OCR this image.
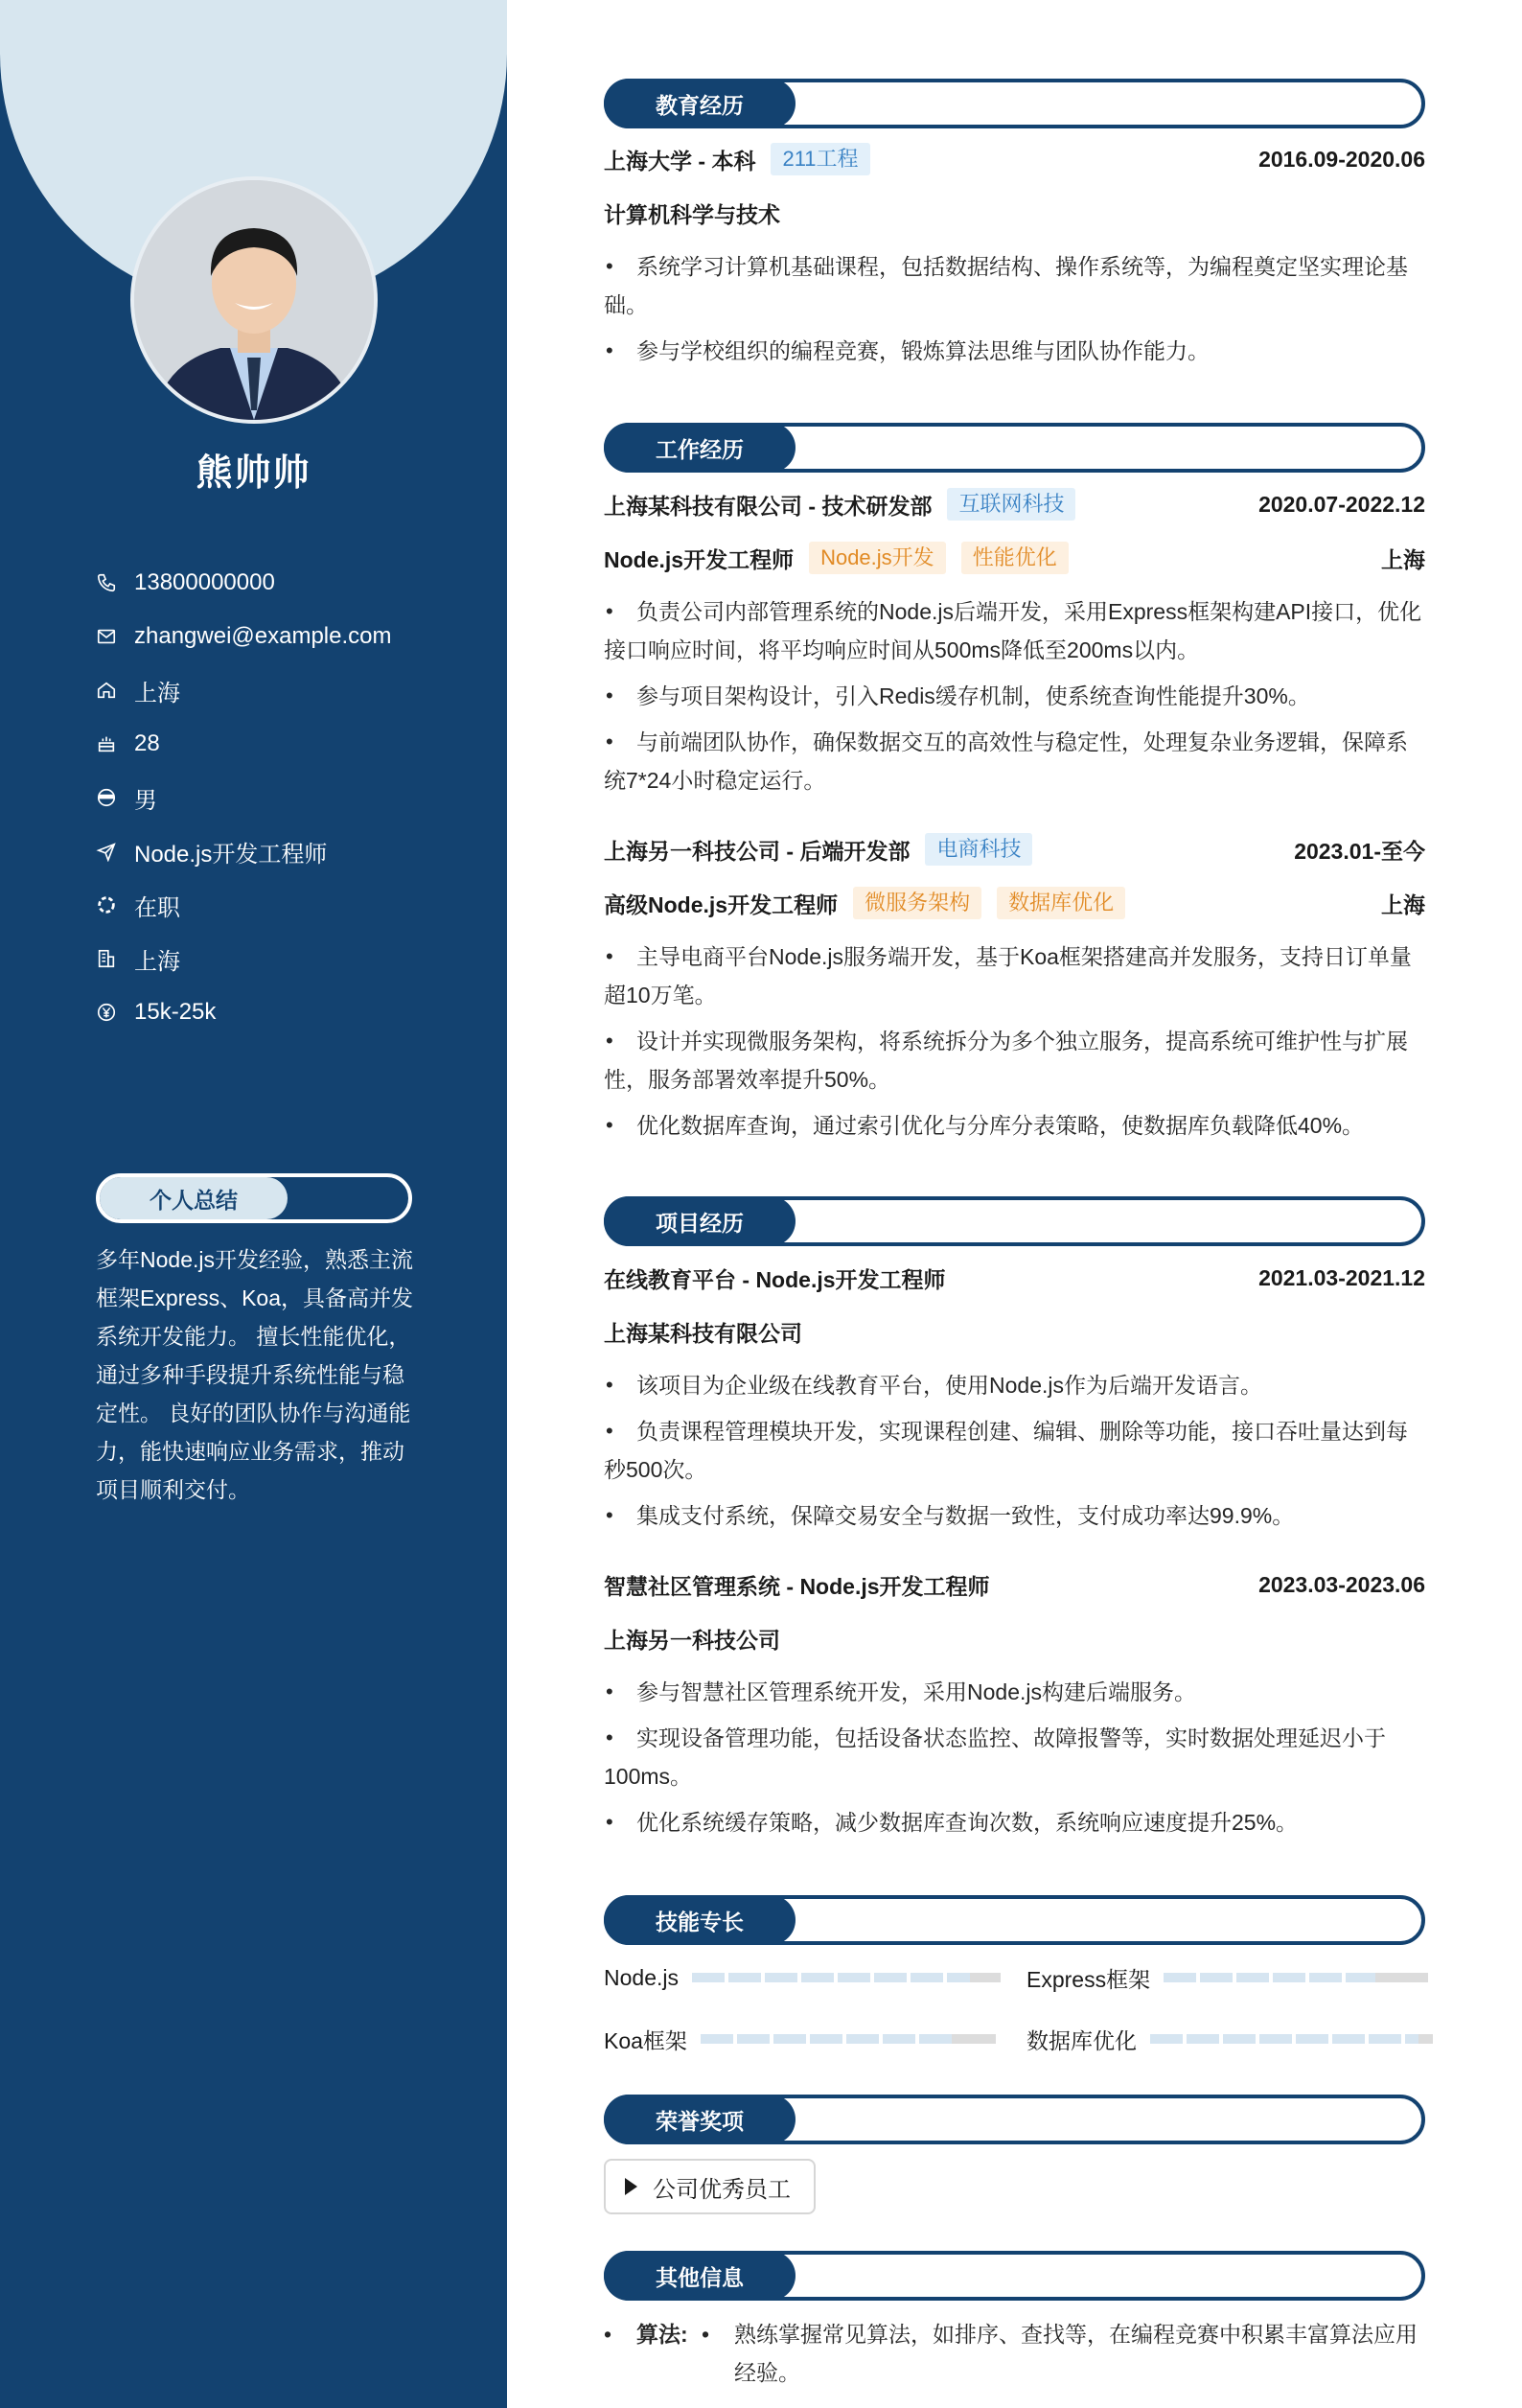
熊帅帅
13800000000
zhangwei@example.com
上海
28
男
Node.js开发工程师
在职
上海
15k-25k
个人总结
多年Node.js开发经验，熟悉主流框架Express、Koa，具备高并发系统开发能力。 擅长性能优化，通过多种手段提升系统性能与稳定性。 良好的团队协作与沟通能力，能快速响应业务需求，推动项目顺利交付。
教育经历
上海大学 - 本科	211工程	2016.09-2020.06
计算机科学与技术
• 系统学习计算机基础课程，包括数据结构、操作系统等，为编程奠定坚实理论基础。
• 参与学校组织的编程竞赛，锻炼算法思维与团队协作能力。
工作经历
上海某科技有限公司 - 技术研发部	互联网科技	2020.07-2022.12
Node.js开发工程师	Node.js开发	性能优化	上海
• 负责公司内部管理系统的Node.js后端开发，采用Express框架构建API接口，优化接口响应时间，将平均响应时间从500ms降低至200ms以内。
• 参与项目架构设计，引入Redis缓存机制，使系统查询性能提升30%。
• 与前端团队协作，确保数据交互的高效性与稳定性，处理复杂业务逻辑，保障系统7*24小时稳定运行。
上海另一科技公司 - 后端开发部	电商科技	2023.01-至今
高级Node.js开发工程师	微服务架构	数据库优化	上海
• 主导电商平台Node.js服务端开发，基于Koa框架搭建高并发服务，支持日订单量超10万笔。
• 设计并实现微服务架构，将系统拆分为多个独立服务，提高系统可维护性与扩展性，服务部署效率提升50%。
• 优化数据库查询，通过索引优化与分库分表策略，使数据库负载降低40%。
项目经历
在线教育平台 - Node.js开发工程师	2021.03-2021.12
上海某科技有限公司
• 该项目为企业级在线教育平台，使用Node.js作为后端开发语言。
• 负责课程管理模块开发，实现课程创建、编辑、删除等功能，接口吞吐量达到每秒500次。
• 集成支付系统，保障交易安全与数据一致性，支付成功率达99.9%。
智慧社区管理系统 - Node.js开发工程师	2023.03-2023.06
上海另一科技公司
• 参与智慧社区管理系统开发，采用Node.js构建后端服务。
• 实现设备管理功能，包括设备状态监控、故障报警等，实时数据处理延迟小于100ms。
• 优化系统缓存策略，减少数据库查询次数，系统响应速度提升25%。
技能专长
Node.js	Express框架
Koa框架	数据库优化
荣誉奖项
公司优秀员工
其他信息
•	算法: •	熟练掌握常见算法，如排序、查找等，在编程竞赛中积累丰富算法应用经验。
